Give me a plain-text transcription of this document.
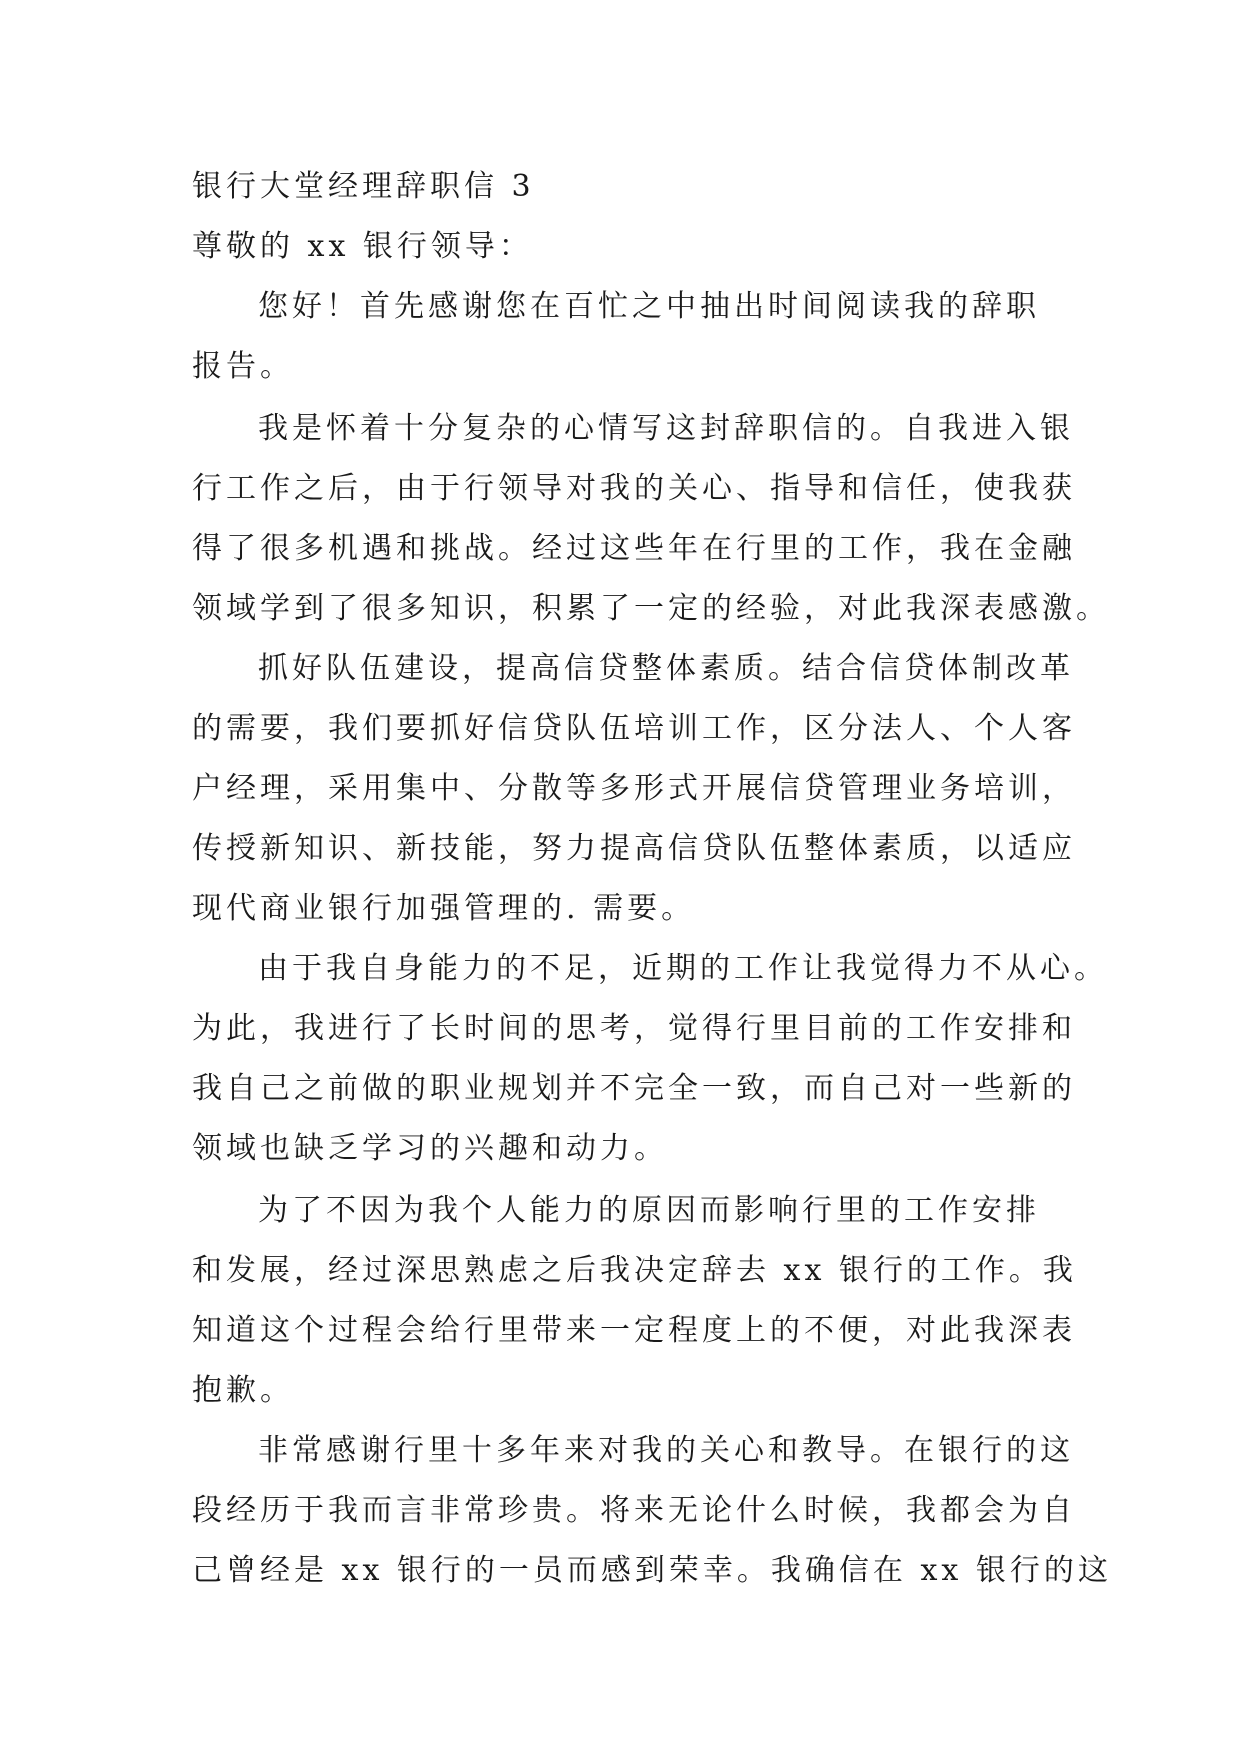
银行大堂经理辞职信 3
尊敬的 xx 银行领导：
您好！首先感谢您在百忙之中抽出时间阅读我的辞职
报告。
我是怀着十分复杂的心情写这封辞职信的。自我进入银
行工作之后，由于行领导对我的关心、指导和信任，使我获
得了很多机遇和挑战。经过这些年在行里的工作，我在金融
领域学到了很多知识，积累了一定的经验，对此我深表感激。
抓好队伍建设，提高信贷整体素质。结合信贷体制改革
的需要，我们要抓好信贷队伍培训工作，区分法人、个人客
户经理，采用集中、分散等多形式开展信贷管理业务培训，
传授新知识、新技能，努力提高信贷队伍整体素质，以适应
现代商业银行加强管理的. 需要。
由于我自身能力的不足，近期的工作让我觉得力不从心。
为此，我进行了长时间的思考，觉得行里目前的工作安排和
我自己之前做的职业规划并不完全一致，而自己对一些新的
领域也缺乏学习的兴趣和动力。
为了不因为我个人能力的原因而影响行里的工作安排
和发展，经过深思熟虑之后我决定辞去 xx 银行的工作。我
知道这个过程会给行里带来一定程度上的不便，对此我深表
抱歉。
非常感谢行里十多年来对我的关心和教导。在银行的这
段经历于我而言非常珍贵。将来无论什么时候，我都会为自
己曾经是 xx 银行的一员而感到荣幸。我确信在 xx 银行的这
